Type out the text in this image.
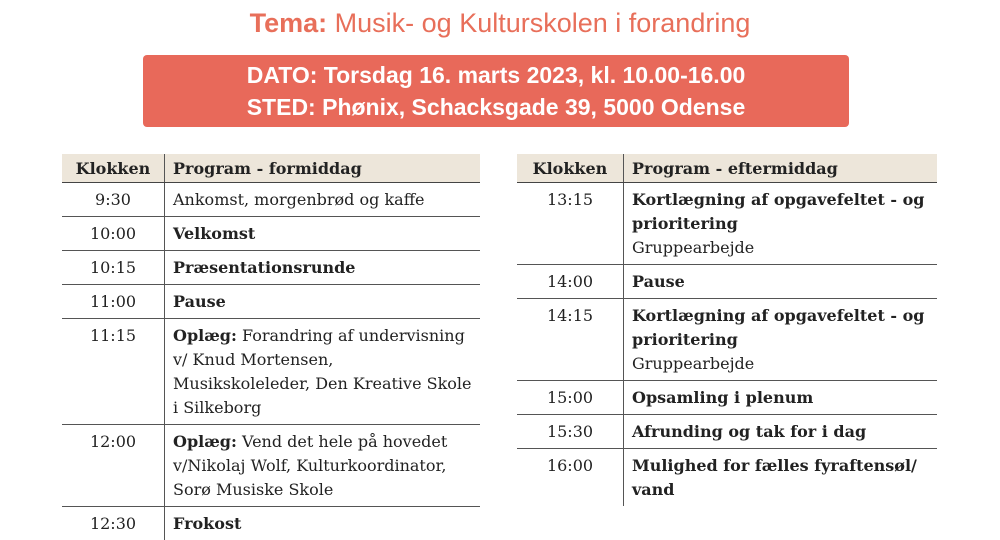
Tema: Musik- og Kulturskolen i forandring
DATO: Torsdag 16. marts 2023, kl. 10.00-16.00
STED: Phønix, Schacksgade 39, 5000 Odense
Klokken	Program - formiddag
9:30	Ankomst, morgenbrød og kaffe
10:00	Velkomst
10:15	Præsentationsrunde
11:00	Pause
11:15	Oplæg: Forandring af undervisning v/ Knud Mortensen, Musikskoleleder, Den Kreative Skole i Silkeborg
12:00	Oplæg: Vend det hele på hovedet v/Nikolaj Wolf, Kulturkoordinator, Sorø Musiske Skole
12:30	Frokost
Klokken	Program - eftermiddag
13:15	Kortlægning af opgavefeltet - og prioritering
Gruppearbejde

14:00	Pause
14:15	Kortlægning af opgavefeltet - og prioritering
Gruppearbejde

15:00	Opsamling i plenum
15:30	Afrunding og tak for i dag
16:00	Mulighed for fælles fyraftensøl/ vand
